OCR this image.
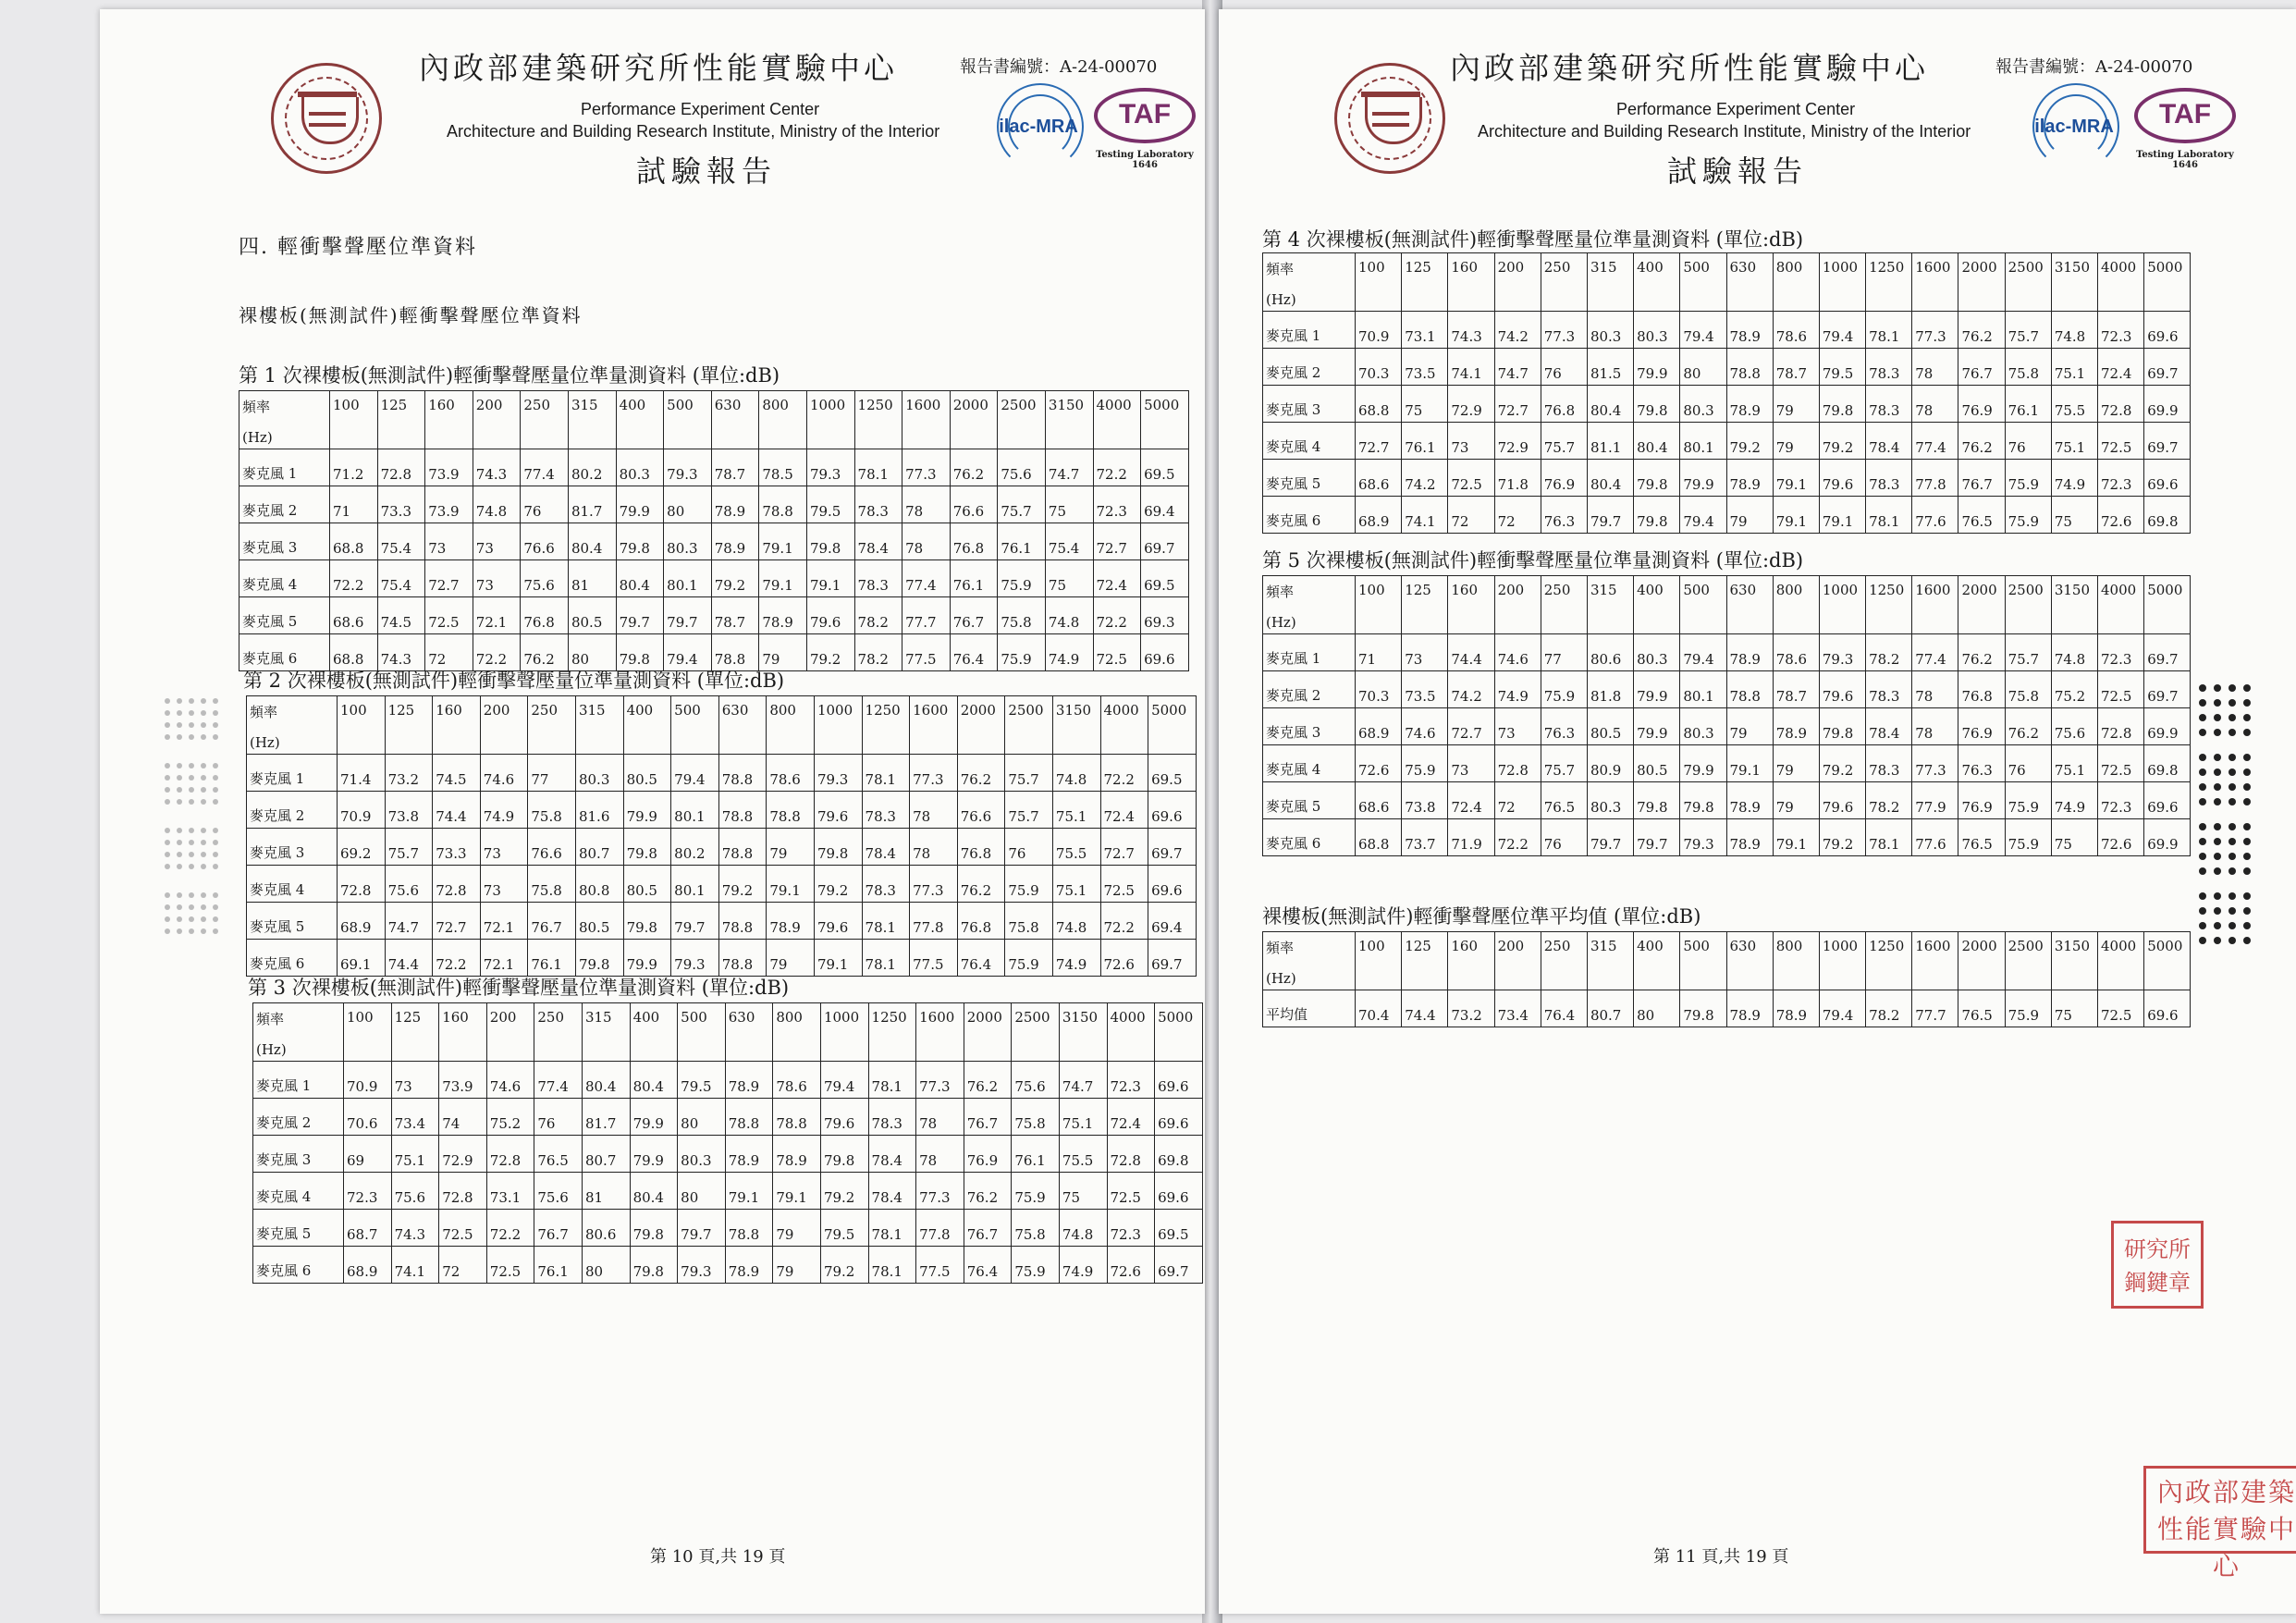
內政部建築研究所性能實驗中心
Performance Experiment Center
Architecture and Building Research Institute, Ministry of the Interior
試驗報告
報告書編號：A-24-00070
ilac-MRA	TAF
Testing Laboratory
1646
四. 輕衝擊聲壓位準資料
裸樓板(無測試件)輕衝擊聲壓位準資料
第 1 次裸樓板(無測試件)輕衝擊聲壓量位準量測資料 (單位:dB)
頻率
(Hz)	100	125	160	200	250	315	400	500	630	800	1000	1250	1600	2000	2500	3150	4000	5000
麥克風 1	71.2	72.8	73.9	74.3	77.4	80.2	80.3	79.3	78.7	78.5	79.3	78.1	77.3	76.2	75.6	74.7	72.2	69.5
麥克風 2	71	73.3	73.9	74.8	76	81.7	79.9	80	78.9	78.8	79.5	78.3	78	76.6	75.7	75	72.3	69.4
麥克風 3	68.8	75.4	73	73	76.6	80.4	79.8	80.3	78.9	79.1	79.8	78.4	78	76.8	76.1	75.4	72.7	69.7
麥克風 4	72.2	75.4	72.7	73	75.6	81	80.4	80.1	79.2	79.1	79.1	78.3	77.4	76.1	75.9	75	72.4	69.5
麥克風 5	68.6	74.5	72.5	72.1	76.8	80.5	79.7	79.7	78.7	78.9	79.6	78.2	77.7	76.7	75.8	74.8	72.2	69.3
麥克風 6	68.8	74.3	72	72.2	76.2	80	79.8	79.4	78.8	79	79.2	78.2	77.5	76.4	75.9	74.9	72.5	69.6
第 2 次裸樓板(無測試件)輕衝擊聲壓量位準量測資料 (單位:dB)
頻率
(Hz)	100	125	160	200	250	315	400	500	630	800	1000	1250	1600	2000	2500	3150	4000	5000
麥克風 1	71.4	73.2	74.5	74.6	77	80.3	80.5	79.4	78.8	78.6	79.3	78.1	77.3	76.2	75.7	74.8	72.2	69.5
麥克風 2	70.9	73.8	74.4	74.9	75.8	81.6	79.9	80.1	78.8	78.8	79.6	78.3	78	76.6	75.7	75.1	72.4	69.6
麥克風 3	69.2	75.7	73.3	73	76.6	80.7	79.8	80.2	78.8	79	79.8	78.4	78	76.8	76	75.5	72.7	69.7
麥克風 4	72.8	75.6	72.8	73	75.8	80.8	80.5	80.1	79.2	79.1	79.2	78.3	77.3	76.2	75.9	75.1	72.5	69.6
麥克風 5	68.9	74.7	72.7	72.1	76.7	80.5	79.8	79.7	78.8	78.9	79.6	78.1	77.8	76.8	75.8	74.8	72.2	69.4
麥克風 6	69.1	74.4	72.2	72.1	76.1	79.8	79.9	79.3	78.8	79	79.1	78.1	77.5	76.4	75.9	74.9	72.6	69.7
第 3 次裸樓板(無測試件)輕衝擊聲壓量位準量測資料 (單位:dB)
頻率
(Hz)	100	125	160	200	250	315	400	500	630	800	1000	1250	1600	2000	2500	3150	4000	5000
麥克風 1	70.9	73	73.9	74.6	77.4	80.4	80.4	79.5	78.9	78.6	79.4	78.1	77.3	76.2	75.6	74.7	72.3	69.6
麥克風 2	70.6	73.4	74	75.2	76	81.7	79.9	80	78.8	78.8	79.6	78.3	78	76.7	75.8	75.1	72.4	69.6
麥克風 3	69	75.1	72.9	72.8	76.5	80.7	79.9	80.3	78.9	78.9	79.8	78.4	78	76.9	76.1	75.5	72.8	69.8
麥克風 4	72.3	75.6	72.8	73.1	75.6	81	80.4	80	79.1	79.1	79.2	78.4	77.3	76.2	75.9	75	72.5	69.6
麥克風 5	68.7	74.3	72.5	72.2	76.7	80.6	79.8	79.7	78.8	79	79.5	78.1	77.8	76.7	75.8	74.8	72.3	69.5
麥克風 6	68.9	74.1	72	72.5	76.1	80	79.8	79.3	78.9	79	79.2	78.1	77.5	76.4	75.9	74.9	72.6	69.7
第 10 頁,共 19 頁
內政部建築研究所性能實驗中心
Performance Experiment Center
Architecture and Building Research Institute, Ministry of the Interior
試驗報告
報告書編號：A-24-00070
ilac-MRA	TAF
Testing Laboratory
1646
第 4 次裸樓板(無測試件)輕衝擊聲壓量位準量測資料 (單位:dB)
頻率
(Hz)	100	125	160	200	250	315	400	500	630	800	1000	1250	1600	2000	2500	3150	4000	5000
麥克風 1	70.9	73.1	74.3	74.2	77.3	80.3	80.3	79.4	78.9	78.6	79.4	78.1	77.3	76.2	75.7	74.8	72.3	69.6
麥克風 2	70.3	73.5	74.1	74.7	76	81.5	79.9	80	78.8	78.7	79.5	78.3	78	76.7	75.8	75.1	72.4	69.7
麥克風 3	68.8	75	72.9	72.7	76.8	80.4	79.8	80.3	78.9	79	79.8	78.3	78	76.9	76.1	75.5	72.8	69.9
麥克風 4	72.7	76.1	73	72.9	75.7	81.1	80.4	80.1	79.2	79	79.2	78.4	77.4	76.2	76	75.1	72.5	69.7
麥克風 5	68.6	74.2	72.5	71.8	76.9	80.4	79.8	79.9	78.9	79.1	79.6	78.3	77.8	76.7	75.9	74.9	72.3	69.6
麥克風 6	68.9	74.1	72	72	76.3	79.7	79.8	79.4	79	79.1	79.1	78.1	77.6	76.5	75.9	75	72.6	69.8
第 5 次裸樓板(無測試件)輕衝擊聲壓量位準量測資料 (單位:dB)
頻率
(Hz)	100	125	160	200	250	315	400	500	630	800	1000	1250	1600	2000	2500	3150	4000	5000
麥克風 1	71	73	74.4	74.6	77	80.6	80.3	79.4	78.9	78.6	79.3	78.2	77.4	76.2	75.7	74.8	72.3	69.7
麥克風 2	70.3	73.5	74.2	74.9	75.9	81.8	79.9	80.1	78.8	78.7	79.6	78.3	78	76.8	75.8	75.2	72.5	69.7
麥克風 3	68.9	74.6	72.7	73	76.3	80.5	79.9	80.3	79	78.9	79.8	78.4	78	76.9	76.2	75.6	72.8	69.9
麥克風 4	72.6	75.9	73	72.8	75.7	80.9	80.5	79.9	79.1	79	79.2	78.3	77.3	76.3	76	75.1	72.5	69.8
麥克風 5	68.6	73.8	72.4	72	76.5	80.3	79.8	79.8	78.9	79	79.6	78.2	77.9	76.9	75.9	74.9	72.3	69.6
麥克風 6	68.8	73.7	71.9	72.2	76	79.7	79.7	79.3	78.9	79.1	79.2	78.1	77.6	76.5	75.9	75	72.6	69.9
裸樓板(無測試件)輕衝擊聲壓位準平均值 (單位:dB)
頻率
(Hz)	100	125	160	200	250	315	400	500	630	800	1000	1250	1600	2000	2500	3150	4000	5000
平均值	70.4	74.4	73.2	73.4	76.4	80.7	80	79.8	78.9	78.9	79.4	78.2	77.7	76.5	75.9	75	72.5	69.6
第 11 頁,共 19 頁
研究所 鋼鍵章
內政部建築 性能實驗中心
